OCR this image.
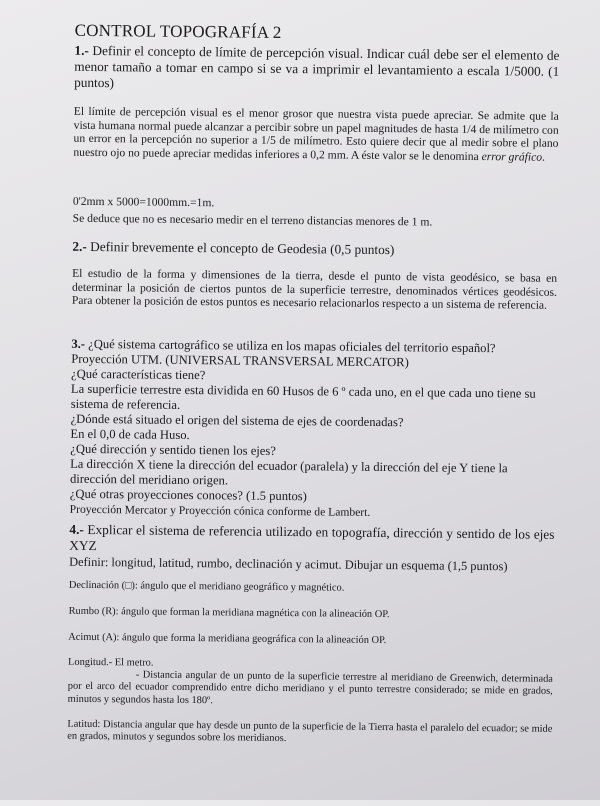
CONTROL TOPOGRAFÍA 2

1.- Definir el concepto de límite de percepción visual. Indicar cuál debe ser el elemento de menor tamaño a tomar en campo si se va a imprimir el levantamiento a escala 1/5000. (1 puntos)

El límite de percepción visual es el menor grosor que nuestra vista puede apreciar. Se admite que la vista humana normal puede alcanzar a percibir sobre un papel magnitudes de hasta 1/4 de milímetro con un error en la percepción no superior a 1/5 de milímetro. Esto quiere decir que al medir sobre el plano nuestro ojo no puede apreciar medidas inferiores a 0,2 mm. A éste valor se le denomina error gráfico.

0'2mm x 5000=1000mm.=1m.

Se deduce que no es necesario medir en el terreno distancias menores de 1 m.

2.- Definir brevemente el concepto de Geodesia (0,5 puntos)

El estudio de la forma y dimensiones de la tierra, desde el punto de vista geodésico, se basa en determinar la posición de ciertos puntos de la superficie terrestre, denominados vértices geodésicos. Para obtener la posición de estos puntos es necesario relacionarlos respecto a un sistema de referencia.

3.- ¿Qué sistema cartográfico se utiliza en los mapas oficiales del territorio español?
Proyección UTM. (UNIVERSAL TRANSVERSAL MERCATOR)
¿Qué características tiene?
La superficie terrestre esta dividida en 60 Husos de 6 º cada uno, en el que cada uno tiene su sistema de referencia.
¿Dónde está situado el origen del sistema de ejes de coordenadas?
En el 0,0 de cada Huso.
¿Qué dirección y sentido tienen los ejes?
La dirección X tiene la dirección del ecuador (paralela) y la dirección del eje Y tiene la dirección del meridiano origen.
¿Qué otras proyecciones conoces? (1.5 puntos)
Proyección Mercator y Proyección cónica conforme de Lambert.

4.- Explicar el sistema de referencia utilizado en topografía, dirección y sentido de los ejes XYZ

Definir: longitud, latitud, rumbo, declinación y acimut. Dibujar un esquema (1,5 puntos)

Declinación (□): ángulo que el meridiano geográfico y magnético.

Rumbo (R): ángulo que forman la meridiana magnética con la alineación OP.

Acimut (A): ángulo que forma la meridiana geográfica con la alineación OP.

Longitud.- El metro.

- Distancia angular de un punto de la superficie terrestre al meridiano de Greenwich, determinada por el arco del ecuador comprendido entre dicho meridiano y el punto terrestre considerado; se mide en grados, minutos y segundos hasta los 180º.

Latitud: Distancia angular que hay desde un punto de la superficie de la Tierra hasta el paralelo del ecuador; se mide en grados, minutos y segundos sobre los meridianos.
